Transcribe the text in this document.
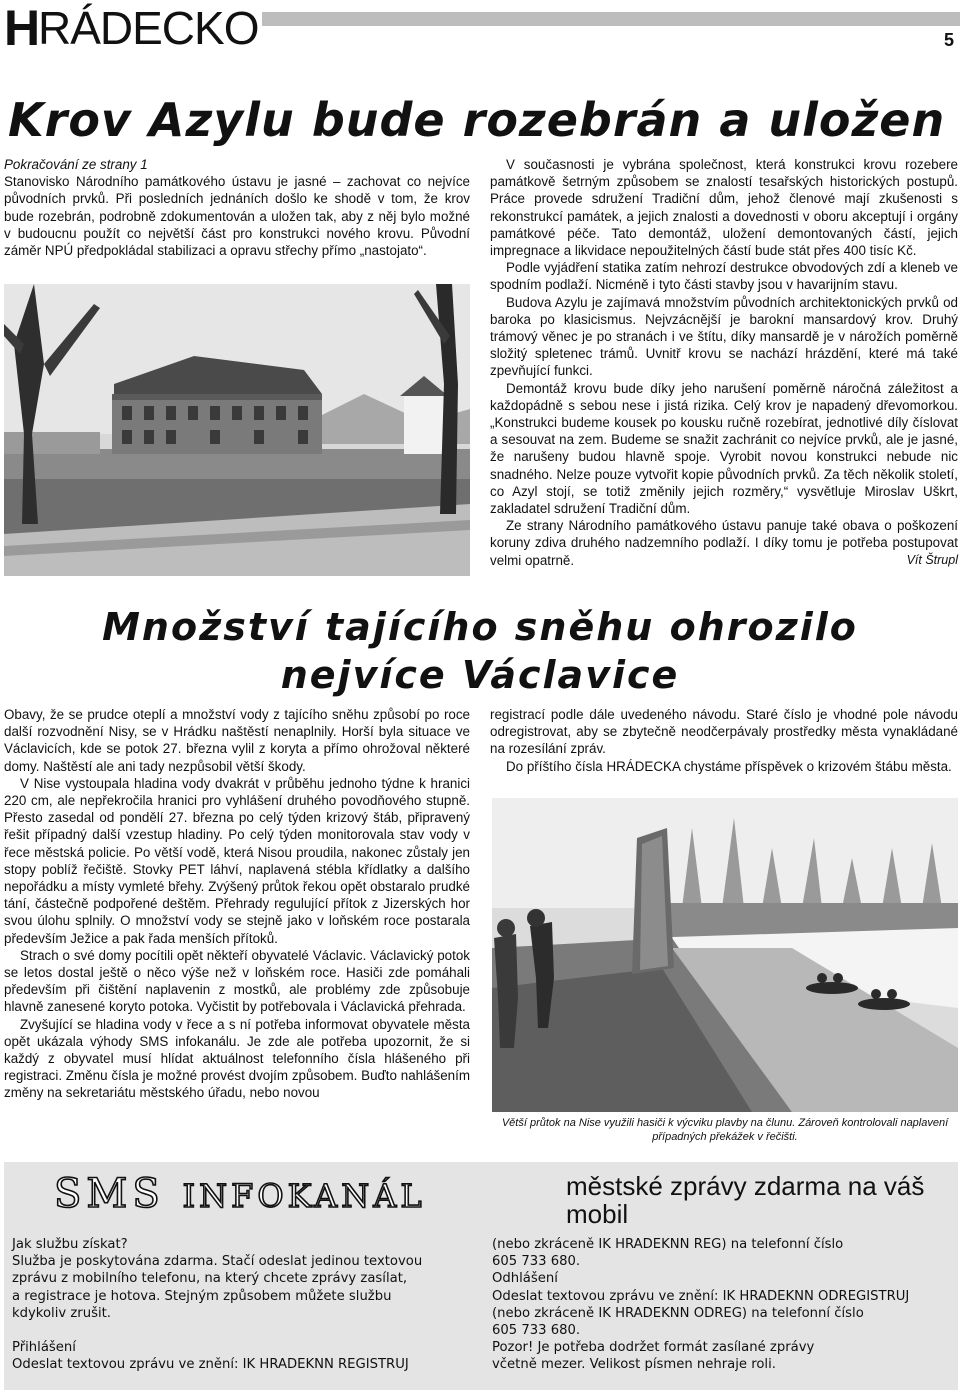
H
RÁDECKO	5
Krov Azylu bude rozebrán a uložen

Pokračování ze strany 1

Stanovisko Národního památkového ústavu je jasné – zachovat co nejvíce původních prvků. Při posledních jednáních došlo ke shodě v tom, že krov bude rozebrán, podrobně zdokumentován a uložen tak, aby z něj bylo možné v budoucnu použít co největší část pro konstrukci nového krovu. Původní záměr NPÚ předpokládal stabilizaci a opravu střechy přímo „nastojato“.

V současnosti je vybrána společnost, která konstrukci krovu rozebere památkově šetrným způsobem se znalostí tesařských historických postupů. Práce provede sdružení Tradiční dům, jehož členové mají zkušenosti s rekonstrukcí památek, a jejich znalosti a dovednosti v oboru akceptují i orgány památkové péče. Tato demontáž, uložení demontovaných částí, jejich impregnace a likvidace nepoužitelných částí bude stát přes 400 tisíc Kč.

Podle vyjádření statika zatím nehrozí destrukce obvodových zdí a kleneb ve spodním podlaží. Nicméně i tyto části stavby jsou v havarijním stavu.

Budova Azylu je zajímavá množstvím původních architektonických prvků od baroka po klasicismus. Nejvzácnější je barokní mansardový krov. Druhý trámový věnec je po stranách i ve štítu, díky mansardě je v nárožích poměrně složitý spletenec trámů. Uvnitř krovu se nachází hrázdění, které má také zpevňující funkci.

Demontáž krovu bude díky jeho narušení poměrně náročná záležitost a každopádně s sebou nese i jistá rizika. Celý krov je napadený dřevomorkou. „Konstrukci budeme kousek po kousku ručně rozebírat, jednotlivé díly číslovat a sesouvat na zem. Budeme se snažit zachránit co nejvíce prvků, ale je jasné, že narušeny budou hlavně spoje. Vyrobit novou konstrukci nebude nic snadného. Nelze pouze vytvořit kopie původních prvků. Za těch několik století, co Azyl stojí, se totiž změnily jejich rozměry,“ vysvětluje Miroslav Uškrt, zakladatel sdružení Tradiční dům.

Ze strany Národního památkového ústavu panuje také obava o poškození koruny zdiva druhého nadzemního podlaží. I díky tomu je potřeba postupovat velmi opatrně.	Vít Štrupl

Množství tajícího sněhu ohrozilo
nejvíce Václavice

Obavy, že se prudce oteplí a množství vody z tajícího sněhu způsobí po roce další rozvodnění Nisy, se v Hrádku naštěstí nenaplnily. Horší byla situace ve Václavicích, kde se potok 27. března vylil z koryta a přímo ohrožoval některé domy. Naštěstí ale ani tady nezpůsobil větší škody.

V Nise vystoupala hladina vody dvakrát v průběhu jednoho týdne k hranici 220 cm, ale nepřekročila hranici pro vyhlášení druhého povodňového stupně. Přesto zasedal od pondělí 27. března po celý týden krizový štáb, připravený řešit případný další vzestup hladiny. Po celý týden monitorovala stav vody v řece městská policie. Po větší vodě, která Nisou proudila, nakonec zůstaly jen stopy poblíž řečiště. Stovky PET láhví, naplavená stébla křídlatky a dalšího nepořádku a místy vymleté břehy. Zvýšený průtok řekou opět obstaralo prudké tání, částečně podpořené deštěm. Přehrady regulující přítok z Jizerských hor svou úlohu splnily. O množství vody se stejně jako v loňském roce postarala především Ježice a pak řada menších přítoků.

Strach o své domy pocítili opět někteří obyvatelé Václavic. Václavický potok se letos dostal ještě o něco výše než v loňském roce. Hasiči zde pomáhali především při čištění naplavenin z mostků, ale problémy zde způsobuje hlavně zanesené koryto potoka. Vyčistit by potřebovala i Václavická přehrada.

Zvyšující se hladina vody v řece a s ní potřeba informovat obyvatele města opět ukázala výhody SMS infokanálu. Je zde ale potřeba upozornit, že si každý z obyvatel musí hlídat aktuálnost telefonního čísla hlášeného při registraci. Změnu čísla je možné provést dvojím způsobem. Buďto nahlášením změny na sekretariátu městského úřadu, nebo novou

registrací podle dále uvedeného návodu. Staré číslo je vhodné pole návodu odregistrovat, aby se zbytečně neodčerpávaly prostředky města vynakládané na rozesílání zpráv.

Do příštího čísla HRÁDECKA chystáme příspěvek o krizovém štábu města.

Větší průtok na Nise využili hasiči k výcviku plavby na člunu. Zároveň kontrolovali naplavení případných překážek v řečišti.
SMS INFOKANÁL	městské zprávy zdarma na váš mobil
Jak službu získat?
Služba je poskytována zdarma. Stačí odeslat jedinou textovou
zprávu z mobilního telefonu, na který chcete zprávy zasílat,
a registrace je hotova. Stejným způsobem můžete službu
kdykoliv zrušit.
Přihlášení
Odeslat textovou zprávu ve znění: IK HRADEKNN REGISTRUJ
(nebo zkráceně IK HRADEKNN REG) na telefonní číslo
605 733 680.
Odhlášení
Odeslat textovou zprávu ve znění: IK HRADEKNN ODREGISTRUJ
(nebo zkráceně IK HRADEKNN ODREG) na telefonní číslo
605 733 680.
Pozor! Je potřeba dodržet formát zasílané zprávy
včetně mezer. Velikost písmen nehraje roli.
